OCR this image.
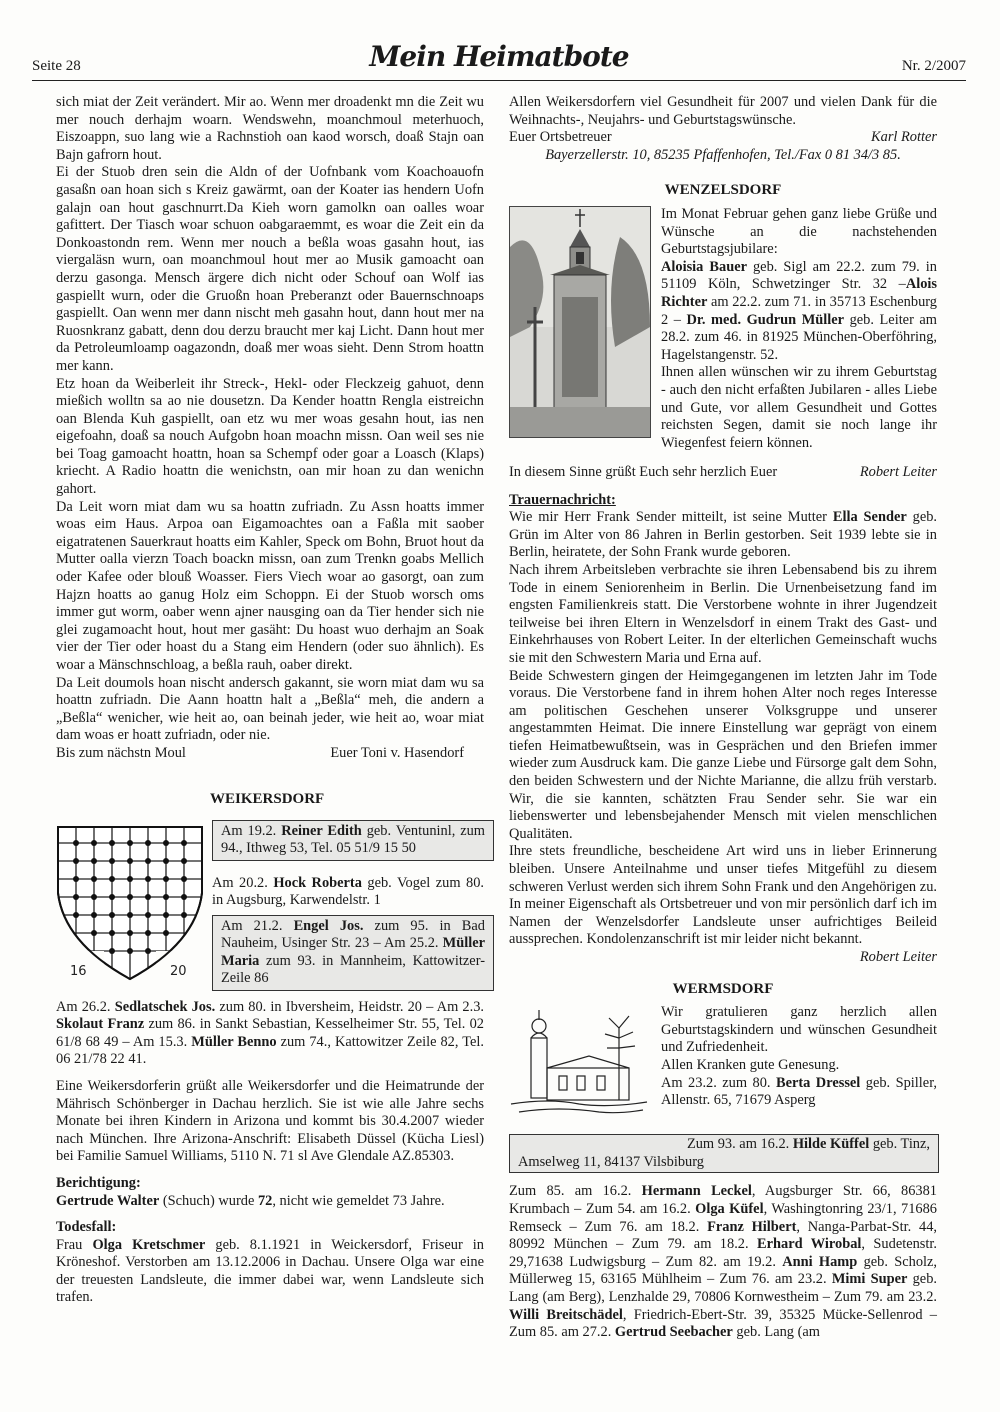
Seite 28	Mein Heimatbote	Nr. 2/2007

sich miat der Zeit verändert. Mir ao. Wenn mer droadenkt mn die Zeit wu mer nouch derhajm woarn. Wendswehn, moanchmoul meterhuoch, Eiszoappn, suo lang wie a Rachnstioh oan kaod worsch, doaß Stajn oan Bajn gafrorn hout.

Ei der Stuob dren sein die Aldn of der Uofnbank vom Koachoauofn gasaßn oan hoan sich s Kreiz gawärmt, oan der Koater ias hendern Uofn galajn oan hout gaschnurrt.Da Kieh worn gamolkn oan oalles woar gafittert. Der Tiasch woar schuon oabgaraemmt, es woar die Zeit ein da Donkoastondn rem. Wenn mer nouch a beßla woas gasahn hout, ias viergaläsn wurn, oan moanchmoul hout mer ao Musik gamoacht oan derzu gasonga. Mensch ärgere dich nicht oder Schouf oan Wolf ias gaspiellt wurn, oder die Gruoßn hoan Preberanzt oder Bauernschnoaps gaspiellt. Oan wenn mer dann nischt meh gasahn hout, dann hout mer na Ruosnkranz gabatt, denn dou derzu braucht mer kaj Licht. Dann hout mer da Petroleumloamp oagazondn, doaß mer woas sieht. Denn Strom hoattn mer kann.

Etz hoan da Weiberleit ihr Streck-, Hekl- oder Fleckzeig gahuot, denn mießich wolltn sa ao nie dousetzn. Da Kender hoattn Rengla eistreichn oan Blenda Kuh gaspiellt, oan etz wu mer woas gesahn hout, ias nen eigefoahn, doaß sa nouch Aufgobn hoan moachn missn. Oan weil ses nie bei Toag gamoacht hoattn, hoan sa Schempf oder goar a Loasch (Klaps) kriecht. A Radio hoattn die wenichstn, oan mir hoan zu dan wenichn gahort.

Da Leit worn miat dam wu sa hoattn zufriadn. Zu Assn hoatts immer woas eim Haus. Arpoa oan Eigamoachtes oan a Faßla mit saober eigatratenen Sauerkraut hoatts eim Kahler, Speck om Bohn, Bruot hout da Mutter oalla vierzn Toach boackn missn, oan zum Trenkn goabs Mellich oder Kafee oder blouß Woasser. Fiers Viech woar ao gasorgt, oan zum Hajzn hoatts ao ganug Holz eim Schoppn. Ei der Stuob worsch oms immer gut worm, oaber wenn ajner nausging oan da Tier hender sich nie glei zugamoacht hout, hout mer gasäht: Du hoast wuo derhajm an Soak vier der Tier oder hoast du a Stang eim Hendern (oder suo ähnlich). Es woar a Mänschnschloag, a beßla rauh, oaber direkt.

Da Leit doumols hoan nischt andersch gakannt, sie worn miat dam wu sa hoattn zufriadn. Die Aann hoattn halt a „Beßla“ meh, die andern a „Beßla“ wenicher, wie heit ao, oan beinah jeder, wie heit ao, woar miat dam woas er hoatt zufriadn, oder nie.

Bis zum nächstn Moul	Euer Toni v. Hasendorf
WEIKERSDORF
16	20
Am 19.2. Reiner Edith geb. Ventuninl, zum 94., Ithweg 53, Tel. 05 51/9 15 50
Am 20.2. Hock Roberta geb. Vogel zum 80. in Augsburg, Karwendelstr. 1
Am 21.2. Engel Jos. zum 95. in Bad Nauheim, Usinger Str. 23 – Am 25.2. Müller Maria zum 93. in Mannheim, Kattowitzer-Zeile 86

Am 26.2. Sedlatschek Jos. zum 80. in Ibversheim, Heidstr. 20 – Am 2.3. Skolaut Franz zum 86. in Sankt Sebastian, Kesselheimer Str. 55, Tel. 02 61/8 68 49 – Am 15.3. Müller Benno zum 74., Kattowitzer Zeile 82, Tel. 06 21/78 22 41.

Eine Weikersdorferin grüßt alle Weikersdorfer und die Heimatrunde der Mährisch Schönberger in Dachau herzlich. Sie ist wie alle Jahre sechs Monate bei ihren Kindern in Arizona und kommt bis 30.4.2007 wieder nach München. Ihre Arizona-Anschrift: Elisabeth Düssel (Kücha Liesl) bei Familie Samuel Williams, 5110 N. 71 sl Ave Glendale AZ.85303.

Berichtigung:

Gertrude Walter (Schuch) wurde 72, nicht wie gemeldet 73 Jahre.

Todesfall:

Frau Olga Kretschmer geb. 8.1.1921 in Weickersdorf, Friseur in Kröneshof. Verstorben am 13.12.2006 in Dachau. Unsere Olga war eine der treuesten Landsleute, die immer dabei war, wenn Landsleute sich trafen.

Allen Weikersdorfern viel Gesundheit für 2007 und vielen Dank für die Weihnachts-, Neujahrs- und Geburtstagswünsche.

Euer Ortsbetreuer	Karl Rotter

Bayerzellerstr. 10, 85235 Pfaffenhofen, Tel./Fax 0 81 34/3 85.

WENZELSDORF

Im Monat Februar gehen ganz liebe Grüße und Wünsche an die nachstehenden Geburtstagsjubilare:

Aloisia Bauer geb. Sigl am 22.2. zum 79. in 51109 Köln, Schwetzinger Str. 32 –Alois Richter am 22.2. zum 71. in 35713 Eschenburg 2 – Dr. med. Gudrun Müller geb. Leiter am 28.2. zum 46. in 81925 München-Oberföhring, Hagelstangenstr. 52.

Ihnen allen wünschen wir zu ihrem Geburtstag - auch den nicht erfaßten Jubilaren - alles Liebe und Gute, vor allem Gesundheit und Gottes reichsten Segen, damit sie noch lange ihr Wiegenfest feiern können.

In diesem Sinne grüßt Euch sehr herzlich Euer	Robert Leiter

Trauernachricht:

Wie mir Herr Frank Sender mitteilt, ist seine Mutter Ella Sender geb. Grün im Alter von 86 Jahren in Berlin gestorben. Seit 1939 lebte sie in Berlin, heiratete, der Sohn Frank wurde geboren.

Nach ihrem Arbeitsleben verbrachte sie ihren Lebensabend bis zu ihrem Tode in einem Seniorenheim in Berlin. Die Urnenbeisetzung fand im engsten Familienkreis statt. Die Verstorbene wohnte in ihrer Jugendzeit teilweise bei ihren Eltern in Wenzelsdorf in einem Trakt des Gast- und Einkehrhauses von Robert Leiter. In der elterlichen Gemeinschaft wuchs sie mit den Schwestern Maria und Erna auf.

Beide Schwestern gingen der Heimgegangenen im letzten Jahr im Tode voraus. Die Verstorbene fand in ihrem hohen Alter noch reges Interesse am politischen Geschehen unserer Volksgruppe und unserer angestammten Heimat. Die innere Einstellung war geprägt von einem tiefen Heimatbewußtsein, was in Gesprächen und den Briefen immer wieder zum Ausdruck kam. Die ganze Liebe und Fürsorge galt dem Sohn, den beiden Schwestern und der Nichte Marianne, die allzu früh verstarb. Wir, die sie kannten, schätzten Frau Sender sehr. Sie war ein liebenswerter und lebensbejahender Mensch mit vielen menschlichen Qualitäten.

Ihre stets freundliche, bescheidene Art wird uns in lieber Erinnerung bleiben. Unsere Anteilnahme und unser tiefes Mitgefühl zu diesem schweren Verlust werden sich ihrem Sohn Frank und den Angehörigen zu. In meiner Eigenschaft als Ortsbetreuer und von mir persönlich darf ich im Namen der Wenzelsdorfer Landsleute unser aufrichtiges Beileid aussprechen. Kondolenzanschrift ist mir leider nicht bekannt.

Robert Leiter

WERMSDORF

Wir gratulieren ganz herzlich allen Geburtstagskindern und wünschen Gesundheit und Zufriedenheit.

Allen Kranken gute Genesung.

Am 23.2. zum 80. Berta Dressel geb. Spiller, Allenstr. 65, 71679 Asperg

Zum 93. am 16.2. Hilde Küffel geb. Tinz,
Amselweg 11, 84137 Vilsbiburg

Zum 85. am 16.2. Hermann Leckel, Augsburger Str. 66, 86381 Krumbach – Zum 54. am 16.2. Olga Küfel, Washingtonring 23/1, 71686 Remseck – Zum 76. am 18.2. Franz Hilbert, Nanga-Parbat-Str. 44, 80992 München – Zum 79. am 18.2. Erhard Wirobal, Sudetenstr. 29,71638 Ludwigsburg – Zum 82. am 19.2. Anni Hamp geb. Scholz, Müllerweg 15, 63165 Mühlheim – Zum 76. am 23.2. Mimi Super geb. Lang (am Berg), Lenzhalde 29, 70806 Kornwestheim – Zum 79. am 23.2. Willi Breitschädel, Friedrich-Ebert-Str. 39, 35325 Mücke-Sellenrod – Zum 85. am 27.2. Gertrud Seebacher geb. Lang (am
